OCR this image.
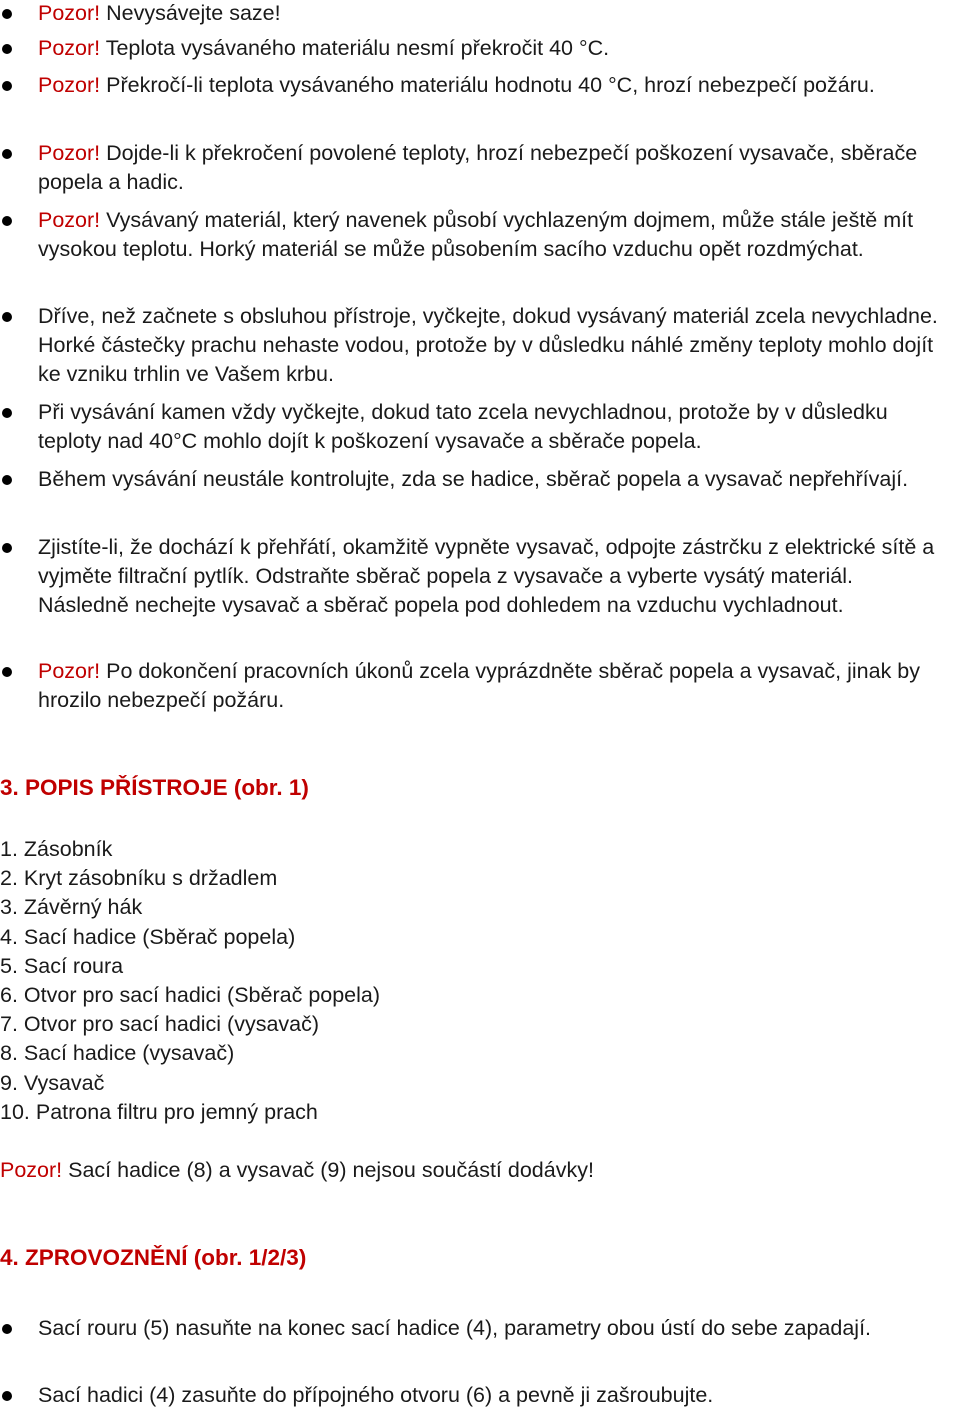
Pozor! Nevysávejte saze!
Pozor! Teplota vysávaného materiálu nesmí překročit 40 °C.
Pozor! Překročí-li teplota vysávaného materiálu hodnotu 40 °C, hrozí nebezpečí požáru.
Pozor! Dojde-li k překročení povolené teploty, hrozí nebezpečí poškození vysavače, sběrače popela a hadic.
Pozor! Vysávaný materiál, který navenek působí vychlazeným dojmem, může stále ještě mít vysokou teplotu. Horký materiál se může působením sacího vzduchu opět rozdmýchat.
Dříve, než začnete s obsluhou přístroje, vyčkejte, dokud vysávaný materiál zcela nevychladne. Horké částečky prachu nehaste vodou, protože by v důsledku náhlé změny teploty mohlo dojít ke vzniku trhlin ve Vašem krbu.
Při vysávání kamen vždy vyčkejte, dokud tato zcela nevychladnou, protože by v důsledku teploty nad 40°C mohlo dojít k poškození vysavače a sběrače popela.
Během vysávání neustále kontrolujte, zda se hadice, sběrač popela a vysavač nepřehřívají.
Zjistíte-li, že dochází k přehřátí, okamžitě vypněte vysavač, odpojte zástrčku z elektrické sítě a vyjměte filtrační pytlík. Odstraňte sběrač popela z vysavače a vyberte vysátý materiál. Následně nechejte vysavač a sběrač popela pod dohledem na vzduchu vychladnout.
Pozor! Po dokončení pracovních úkonů zcela vyprázdněte sběrač popela a vysavač, jinak by hrozilo nebezpečí požáru.
3. POPIS PŘÍSTROJE (obr. 1)
1. Zásobník
2. Kryt zásobníku s držadlem
3. Závěrný hák
4. Sací hadice (Sběrač popela)
5. Sací roura
6. Otvor pro sací hadici (Sběrač popela)
7. Otvor pro sací hadici (vysavač)
8. Sací hadice (vysavač)
9. Vysavač
10. Patrona filtru pro jemný prach
Pozor! Sací hadice (8) a vysavač (9) nejsou součástí dodávky!
4. ZPROVOZNĚNÍ (obr. 1/2/3)
Sací rouru (5) nasuňte na konec sací hadice (4), parametry obou ústí do sebe zapadají.
Sací hadici (4) zasuňte do přípojného otvoru (6) a pevně ji zašroubujte.
